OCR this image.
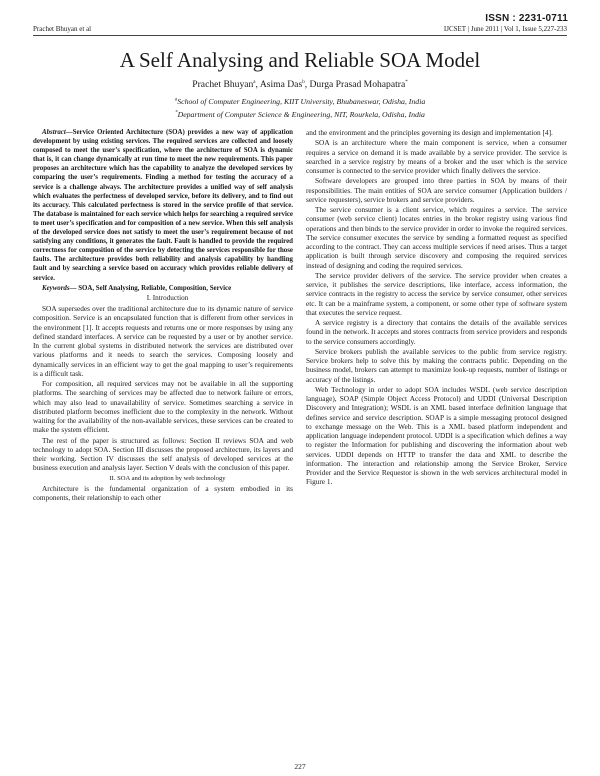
ISSN : 2231-0711
Prachet Bhuyan et al	IJCSET | June 2011 | Vol 1, Issue 5,227-233
A Self Analysing and Reliable SOA Model
Prachet Bhuyan$^a$, Asima Das$^b$, Durga Prasad Mohapatra*
$^a$School of Computer Engineering, KIIT University, Bhubaneswar, Odisha, India
*Department of Computer Science & Engineering, NIT, Rourkela, Odisha, India

Abstract—Service Oriented Architecture (SOA) provides a new way of application development by using existing services. The required services are collected and loosely composed to meet the user’s specification, where the architecture of SOA is dynamic that is, it can change dynamically at run time to meet the new requirements. This paper proposes an architecture which has the capability to analyze the developed services by comparing the user’s requirements. Finding a method for testing the accuracy of a service is a challenge always. The architecture provides a unified way of self analysis which evaluates the perfectness of developed service, before its delivery, and to find out its accuracy. This calculated perfectness is stored in the service profile of that service. The database is maintained for each service which helps for searching a required service to meet user’s specification and for composition of a new service. When this self analysis of the developed service does not satisfy to meet the user’s requirement because of not satisfying any conditions, it generates the fault. Fault is handled to provide the required correctness for composition of the service by detecting the services responsible for those faults. The architecture provides both reliability and analysis capability by handling fault and by searching a service based on accuracy which provides reliable delivery of service.

Keywords— SOA, Self Analysing, Reliable, Composition, Service

I. Introduction

SOA supersedes over the traditional architecture due to its dynamic nature of service composition. Service is an encapsulated function that is different from other services in the environment [1]. It accepts requests and returns one or more responses by using any defined standard interfaces. A service can be requested by a user or by another service. In the current global systems in distributed network the services are distributed over various platforms and it needs to search the services. Composing loosely and dynamically services in an efficient way to get the goal mapping to user’s requirements is a difficult task.

For composition, all required services may not be available in all the supporting platforms. The searching of services may be affected due to network failure or errors, which may also lead to unavailability of service. Sometimes searching a service in distributed platform becomes inefficient due to the complexity in the network. Without waiting for the availability of the non-available services, these services can be created to make the system efficient.

The rest of the paper is structured as follows: Section II reviews SOA and web technology to adopt SOA. Section III discusses the proposed architecture, its layers and their working. Section IV discusses the self analysis of developed services at the business execution and analysis layer. Section V deals with the conclusion of this paper.

II. SOA and its adoption by web technology

Architecture is the fundamental organization of a system embodied in its components, their relationship to each other

and the environment and the principles governing its design and implementation [4].

SOA is an architecture where the main component is service, when a consumer requires a service on demand it is made available by a service provider. The service is searched in a service registry by means of a broker and the user which is the service consumer is connected to the service provider which finally delivers the service.

Software developers are grouped into three parties in SOA by means of their responsibilities. The main entities of SOA are service consumer (Application builders / service requesters), service brokers and service providers.

The service consumer is a client service, which requires a service. The service consumer (web service client) locates entries in the broker registry using various find operations and then binds to the service provider in order to invoke the required services. The service consumer executes the service by sending a formatted request as specified according to the contract. They can access multiple services if need arises. Thus a target application is built through service discovery and composing the required services instead of designing and coding the required services.

The service provider delivers of the service. The service provider when creates a service, it publishes the service descriptions, like interface, access information, the service contracts in the registry to access the service by service consumer, other services etc. It can be a mainframe system, a component, or some other type of software system that executes the service request.

A service registry is a directory that contains the details of the available services found in the network. It accepts and stores contracts from service providers and responds to the service consumers accordingly.

Service brokers publish the available services to the public from service registry. Service brokers help to solve this by making the contracts public. Depending on the business model, brokers can attempt to maximize look-up requests, number of listings or accuracy of the listings.

Web Technology in order to adopt SOA includes WSDL (web service description language), SOAP (Simple Object Access Protocol) and UDDI (Universal Description Discovery and Integration); WSDL is an XML based interface definition language that defines service and service description. SOAP is a simple messaging protocol designed to exchange message on the Web. This is a XML based platform independent and application language independent protocol. UDDI is a specification which defines a way to register the Information for publishing and discovering the information about web services. UDDI depends on HTTP to transfer the data and XML to describe the information. The interaction and relationship among the Service Broker, Service Provider and the Service Requestor is shown in the web services architectural model in Figure 1.

227
